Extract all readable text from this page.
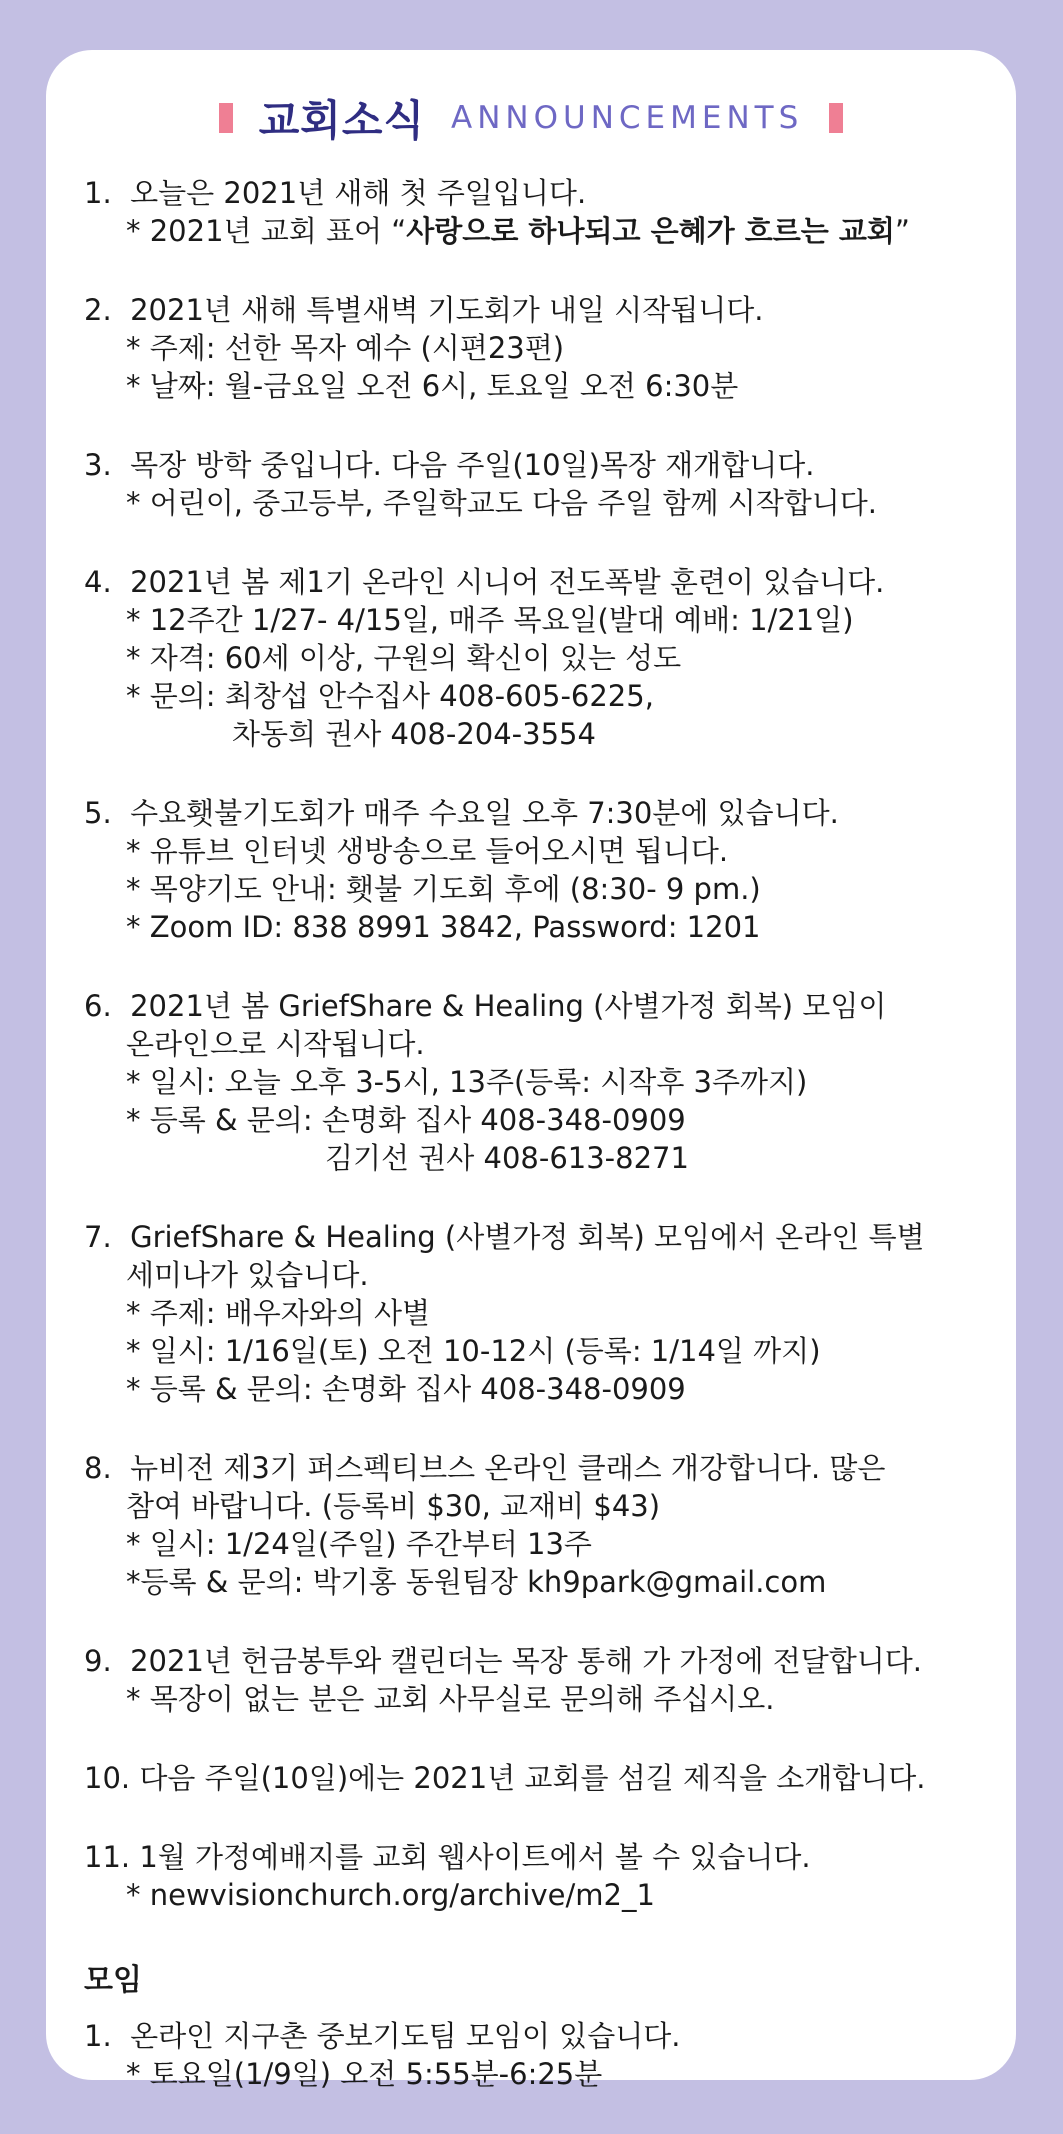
교회소식 ANNOUNCEMENTS
1.  오늘은 2021년 새해 첫 주일입니다.
* 2021년 교회 표어 “사랑으로 하나되고 은혜가 흐르는 교회”
2.  2021년 새해 특별새벽 기도회가 내일 시작됩니다.
* 주제: 선한 목자 예수 (시편23편)
* 날짜: 월-금요일 오전 6시, 토요일 오전 6:30분
3.  목장 방학 중입니다. 다음 주일(10일)목장 재개합니다.
* 어린이, 중고등부, 주일학교도 다음 주일 함께 시작합니다.
4.  2021년 봄 제1기 온라인 시니어 전도폭발 훈련이 있습니다.
* 12주간 1/27- 4/15일, 매주 목요일(발대 예배: 1/21일)
* 자격: 60세 이상, 구원의 확신이 있는 성도
* 문의: 최창섭 안수집사 408-605-6225,
차동희 권사 408-204-3554
5.  수요횃불기도회가 매주 수요일 오후 7:30분에 있습니다.
* 유튜브 인터넷 생방송으로 들어오시면 됩니다.
* 목양기도 안내: 횃불 기도회 후에 (8:30- 9 pm.)
* Zoom ID: 838 8991 3842, Password: 1201
6.  2021년 봄 GriefShare & Healing (사별가정 회복) 모임이
온라인으로 시작됩니다.
* 일시: 오늘 오후 3-5시, 13주(등록: 시작후 3주까지)
* 등록 & 문의: 손명화 집사 408-348-0909
김기선 권사 408-613-8271
7.  GriefShare & Healing (사별가정 회복) 모임에서 온라인 특별
세미나가 있습니다.
* 주제: 배우자와의 사별
* 일시: 1/16일(토) 오전 10-12시 (등록: 1/14일 까지)
* 등록 & 문의: 손명화 집사 408-348-0909
8.  뉴비전 제3기 퍼스펙티브스 온라인 클래스 개강합니다. 많은
참여 바랍니다. (등록비 $30, 교재비 $43)
* 일시: 1/24일(주일) 주간부터 13주
*등록 & 문의: 박기홍 동원팀장 kh9park@gmail.com
9.  2021년 헌금봉투와 캘린더는 목장 통해 가 가정에 전달합니다.
* 목장이 없는 분은 교회 사무실로 문의해 주십시오.
10. 다음 주일(10일)에는 2021년 교회를 섬길 제직을 소개합니다.
11. 1월 가정예배지를 교회 웹사이트에서 볼 수 있습니다.
* newvisionchurch.org/archive/m2_1
모임
1.  온라인 지구촌 중보기도팀 모임이 있습니다.
* 토요일(1/9일) 오전 5:55분-6:25분
